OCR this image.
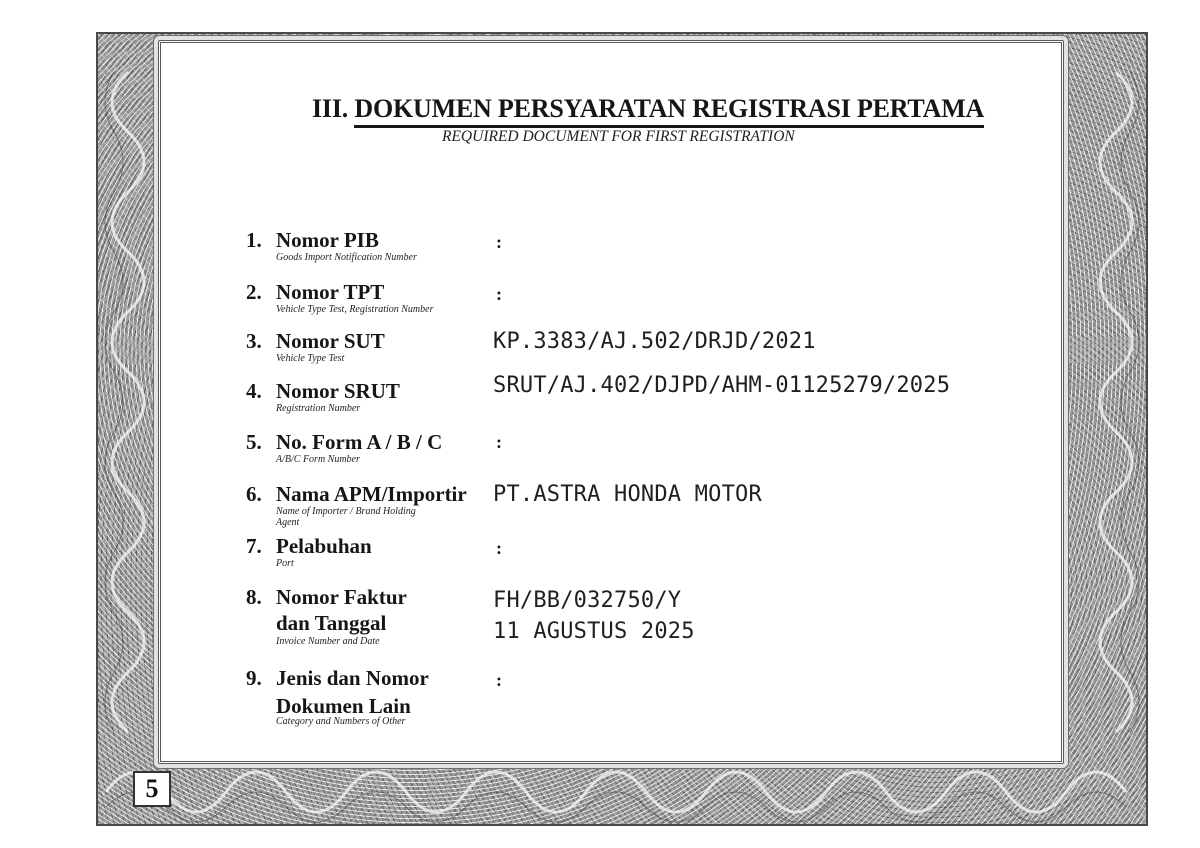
5
III. DOKUMEN PERSYARATAN REGISTRASI PERTAMA
REQUIRED DOCUMENT FOR FIRST REGISTRATION
1. Nomor PIB
Goods Import Notification Number
:
2. Nomor TPT
Vehicle Type Test, Registration Number
:
3. Nomor SUT
Vehicle Type Test
KP.3383/AJ.502/DRJD/2021
4. Nomor SRUT
Registration Number
SRUT/AJ.402/DJPD/AHM-01125279/2025
5. No. Form A / B / C
A/B/C Form Number
:
6. Nama APM/Importir
Name of Importer / Brand Holding
Agent
PT.ASTRA HONDA MOTOR
7. Pelabuhan
Port
:
8. Nomor Faktur
dan Tanggal
Invoice Number and Date
FH/BB/032750/Y
11 AGUSTUS 2025
9. Jenis dan Nomor
Dokumen Lain
Category and Numbers of Other
:
